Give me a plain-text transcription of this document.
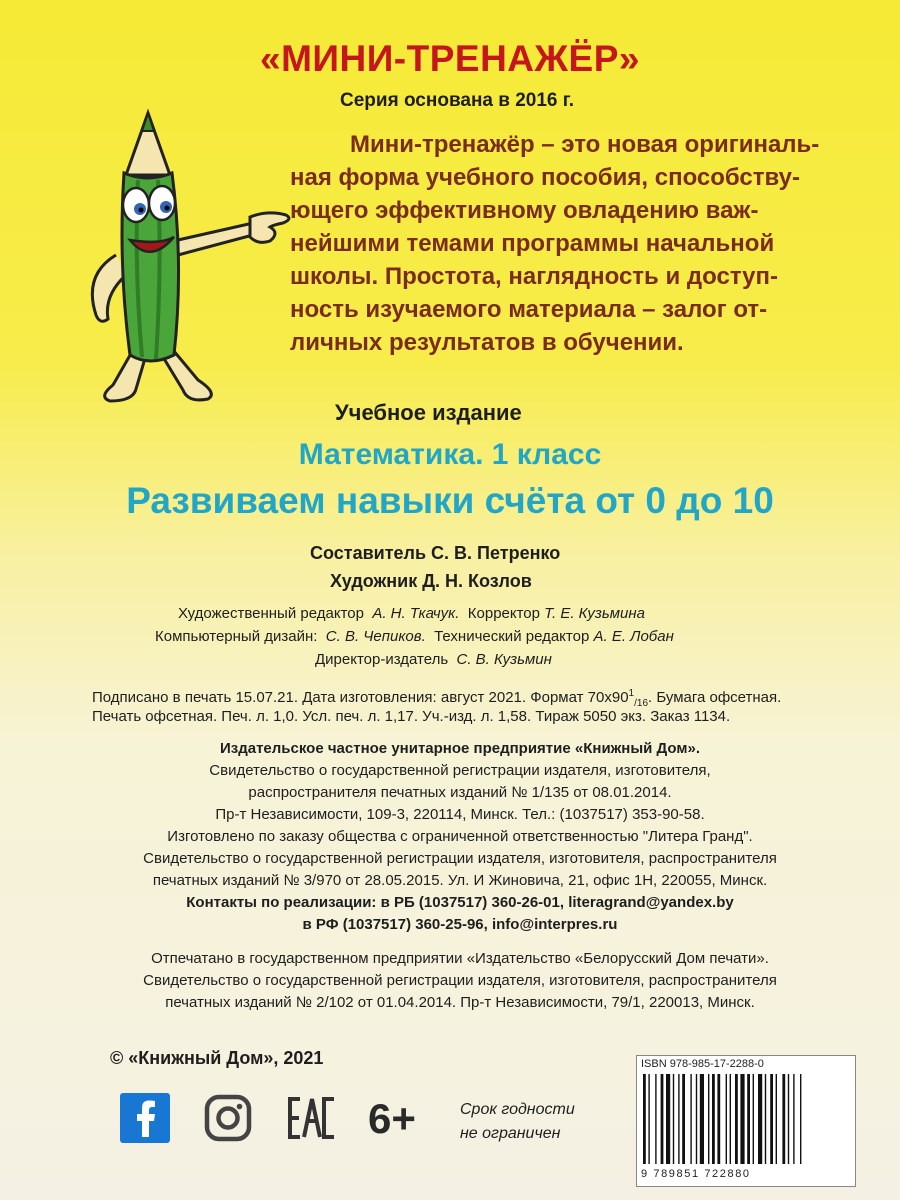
«МИНИ-ТРЕНАЖЁР»
Серия основана в 2016 г.
Мини-тренажёр – это новая оригиналь-
ная форма учебного пособия, способству-
ющего эффективному овладению важ-
нейшими темами программы начальной
школы. Простота, наглядность и доступ-
ность изучаемого материала – залог от-
личных результатов в обучении.
Учебное издание
Математика. 1 класс
Развиваем навыки счёта от 0 до 10
Составитель С. В. Петренко
Художник Д. Н. Козлов
Художественный редактор А. Н. Ткачук. Корректор Т. Е. Кузьмина
Компьютерный дизайн: С. В. Чепиков. Технический редактор А. Е. Лобан
Директор-издатель С. В. Кузьмин
Подписано в печать 15.07.21. Дата изготовления: август 2021. Формат $70х90^1_{/16}$. Бумага офсетная.
Печать офсетная. Печ. л. 1,0. Усл. печ. л. 1,17. Уч.-изд. л. 1,58. Тираж 5050 экз. Заказ 1134.
Издательское частное унитарное предприятие «Книжный Дом».
Свидетельство о государственной регистрации издателя, изготовителя,
распространителя печатных изданий № 1/135 от 08.01.2014.
Пр-т Независимости, 109-3, 220114, Минск. Тел.: (1037517) 353-90-58.
Изготовлено по заказу общества с ограниченной ответственностью "Литера Гранд".
Свидетельство о государственной регистрации издателя, изготовителя, распространителя
печатных изданий № 3/970 от 28.05.2015. Ул. И Жиновича, 21, офис 1Н, 220055, Минск.
Контакты по реализации: в РБ (1037517) 360-26-01, literagrand@yandex.by
в РФ (1037517) 360-25-96, info@interpres.ru
Отпечатано в государственном предприятии «Издательство «Белорусский Дом печати».
Свидетельство о государственной регистрации издателя, изготовителя, распространителя
печатных изданий № 2/102 от 01.04.2014. Пр-т Независимости, 79/1, 220013, Минск.
© «Книжный Дом», 2021
6+	Срок годности
не ограничен
ISBN 978-985-17-2288-0
9 789851 722880
